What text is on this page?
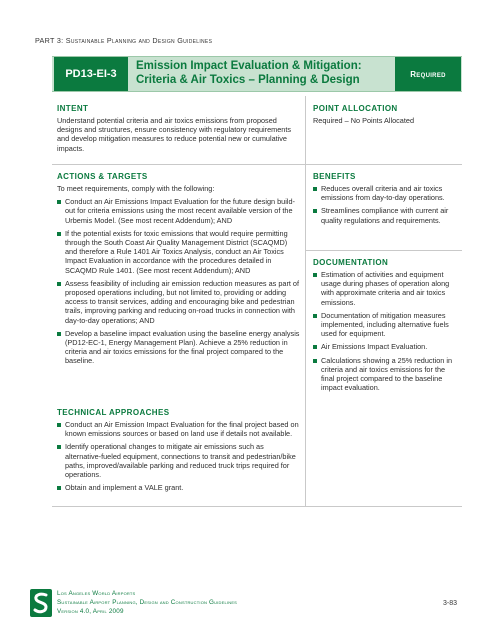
PART 3: Sustainable Planning and Design Guidelines
PD13-EI-3
Emission Impact Evaluation & Mitigation:
Criteria & Air Toxics – Planning & Design	Required
INTENT
Understand potential criteria and air toxics emissions from proposed designs and structures, ensure consistency with regulatory requirements and develop mitigation measures to reduce potential new or cumulative impacts.
POINT ALLOCATION
Required – No Points Allocated
ACTIONS & TARGETS
To meet requirements, comply with the following:
Conduct an Air Emissions Impact Evaluation for the future design build-out for criteria emissions using the most recent available version of the Urbemis Model. (See most recent Addendum); AND
If the potential exists for toxic emissions that would require permitting through the South Coast Air Quality Management District (SCAQMD) and therefore a Rule 1401 Air Toxics Analysis, conduct an Air Toxics Impact Evaluation in accordance with the procedures detailed in SCAQMD Rule 1401. (See most recent Addendum); AND
Assess feasibility of including air emission reduction measures as part of proposed operations including, but not limited to, providing or adding access to transit services, adding and encouraging bike and pedestrian trails, improving parking and reducing on-road trucks in connection with day-to-day operations; AND
Develop a baseline impact evaluation using the baseline energy analysis (PD12-EC-1, Energy Management Plan). Achieve a 25% reduction in criteria and air toxics emissions for the final project compared to the baseline.
TECHNICAL APPROACHES
Conduct an Air Emission Impact Evaluation for the final project based on known emissions sources or based on land use if details not available.
Identify operational changes to mitigate air emissions such as alternative-fueled equipment, connections to transit and pedestrian/bike paths, improved/available parking and reduced truck trips required for operations.
Obtain and implement a VALE grant.
BENEFITS
Reduces overall criteria and air toxics emissions from day-to-day operations.
Streamlines compliance with current air quality regulations and requirements.
DOCUMENTATION
Estimation of activities and equipment usage during phases of operation along with approximate criteria and air toxics emissions.
Documentation of mitigation measures implemented, including alternative fuels used for equipment.
Air Emissions Impact Evaluation.
Calculations showing a 25% reduction in criteria and air toxics emissions for the final project compared to the baseline impact evaluation.
Los Angeles World Airports
Sustainable Airport Planning, Design and Construction Guidelines
Version 4.0, April 2009
3-83
